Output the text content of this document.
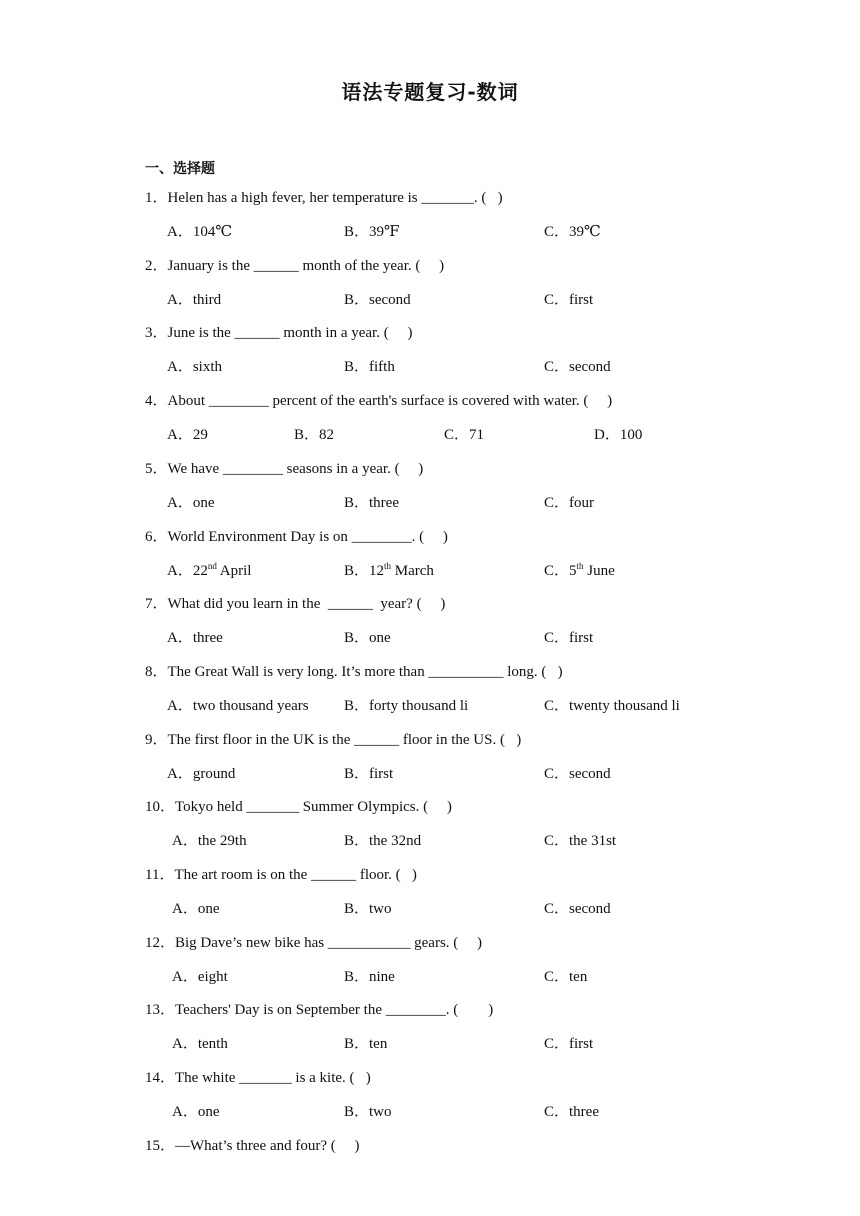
语法专题复习-数词
一、选择题
1．Helen has a high fever, her temperature is _______. (   )
A．104℃	B．39℉	C．39℃
2．January is the ______ month of the year. (     )
A．third	B．second	C．first
3．June is the ______ month in a year. (     )
A．sixth	B．fifth	C．second
4．About ________ percent of the earth's surface is covered with water. (     )
A．29	B．82	C．71	D．100
5．We have ________ seasons in a year. (     )
A．one	B．three	C．four
6．World Environment Day is on ________. (     )
A．22nd April	B．12th March	C．5th June
7．What did you learn in the  ______  year? (     )
A．three	B．one	C．first
8．The Great Wall is very long. It’s more than __________ long. (   )
A．two thousand years B．forty thousand li	C．twenty thousand li
9．The first floor in the UK is the ______ floor in the US. (   )
A．ground	B．first	C．second
10．Tokyo held _______ Summer Olympics. (     )
A．the 29th	B．the 32nd	C．the 31st
11．The art room is on the ______ floor. (   )
A．one	B．two	C．second
12．Big Dave’s new bike has ___________ gears. (     )
A．eight	B．nine	C．ten
13．Teachers' Day is on September the ________. (        )
A．tenth	B．ten	C．first
14．The white _______ is a kite. (   )
A．one	B．two	C．three
15．—What’s three and four? (     )
